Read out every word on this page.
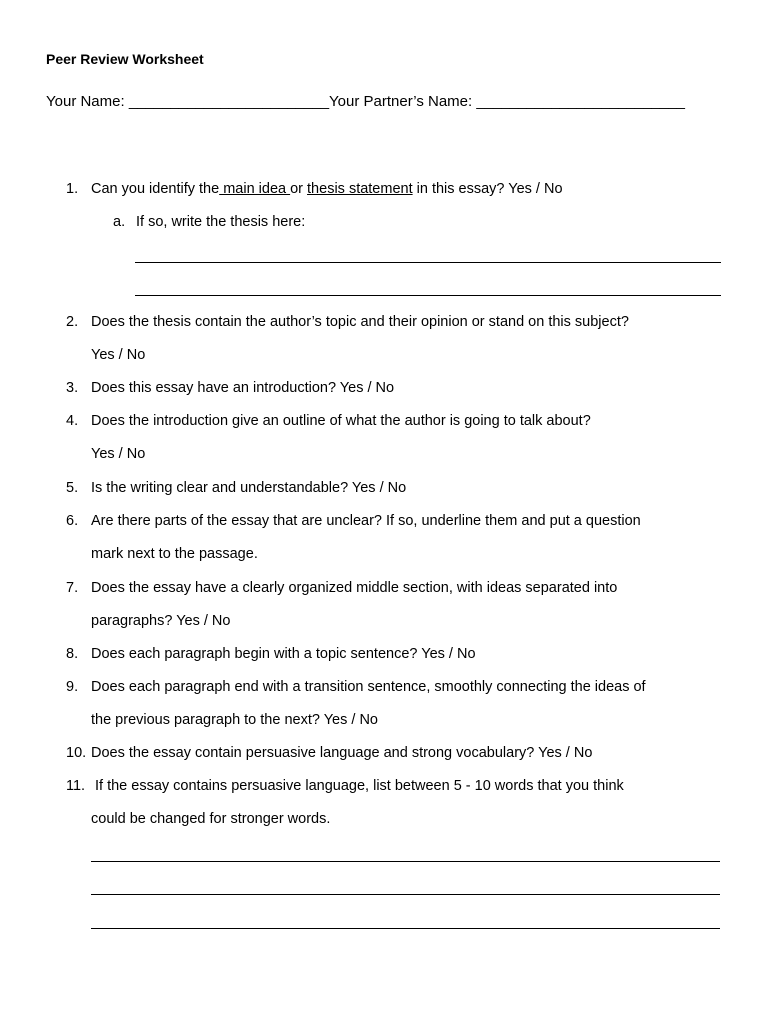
Peer Review Worksheet
Your Name: ________________________Your Partner’s Name: _________________________
1. Can you identify the main idea or thesis statement in this essay? Yes / No
a. If so, write the thesis here:
2. Does the thesis contain the author’s topic and their opinion or stand on this subject?
Yes / No
3. Does this essay have an introduction? Yes / No
4. Does the introduction give an outline of what the author is going to talk about?
Yes / No
5. Is the writing clear and understandable? Yes / No
6. Are there parts of the essay that are unclear? If so, underline them and put a question
mark next to the passage.
7. Does the essay have a clearly organized middle section, with ideas separated into
paragraphs? Yes / No
8. Does each paragraph begin with a topic sentence? Yes / No
9. Does each paragraph end with a transition sentence, smoothly connecting the ideas of
the previous paragraph to the next? Yes / No
10. Does the essay contain persuasive language and strong vocabulary? Yes / No
11. If the essay contains persuasive language, list between 5 - 10 words that you think
could be changed for stronger words.
